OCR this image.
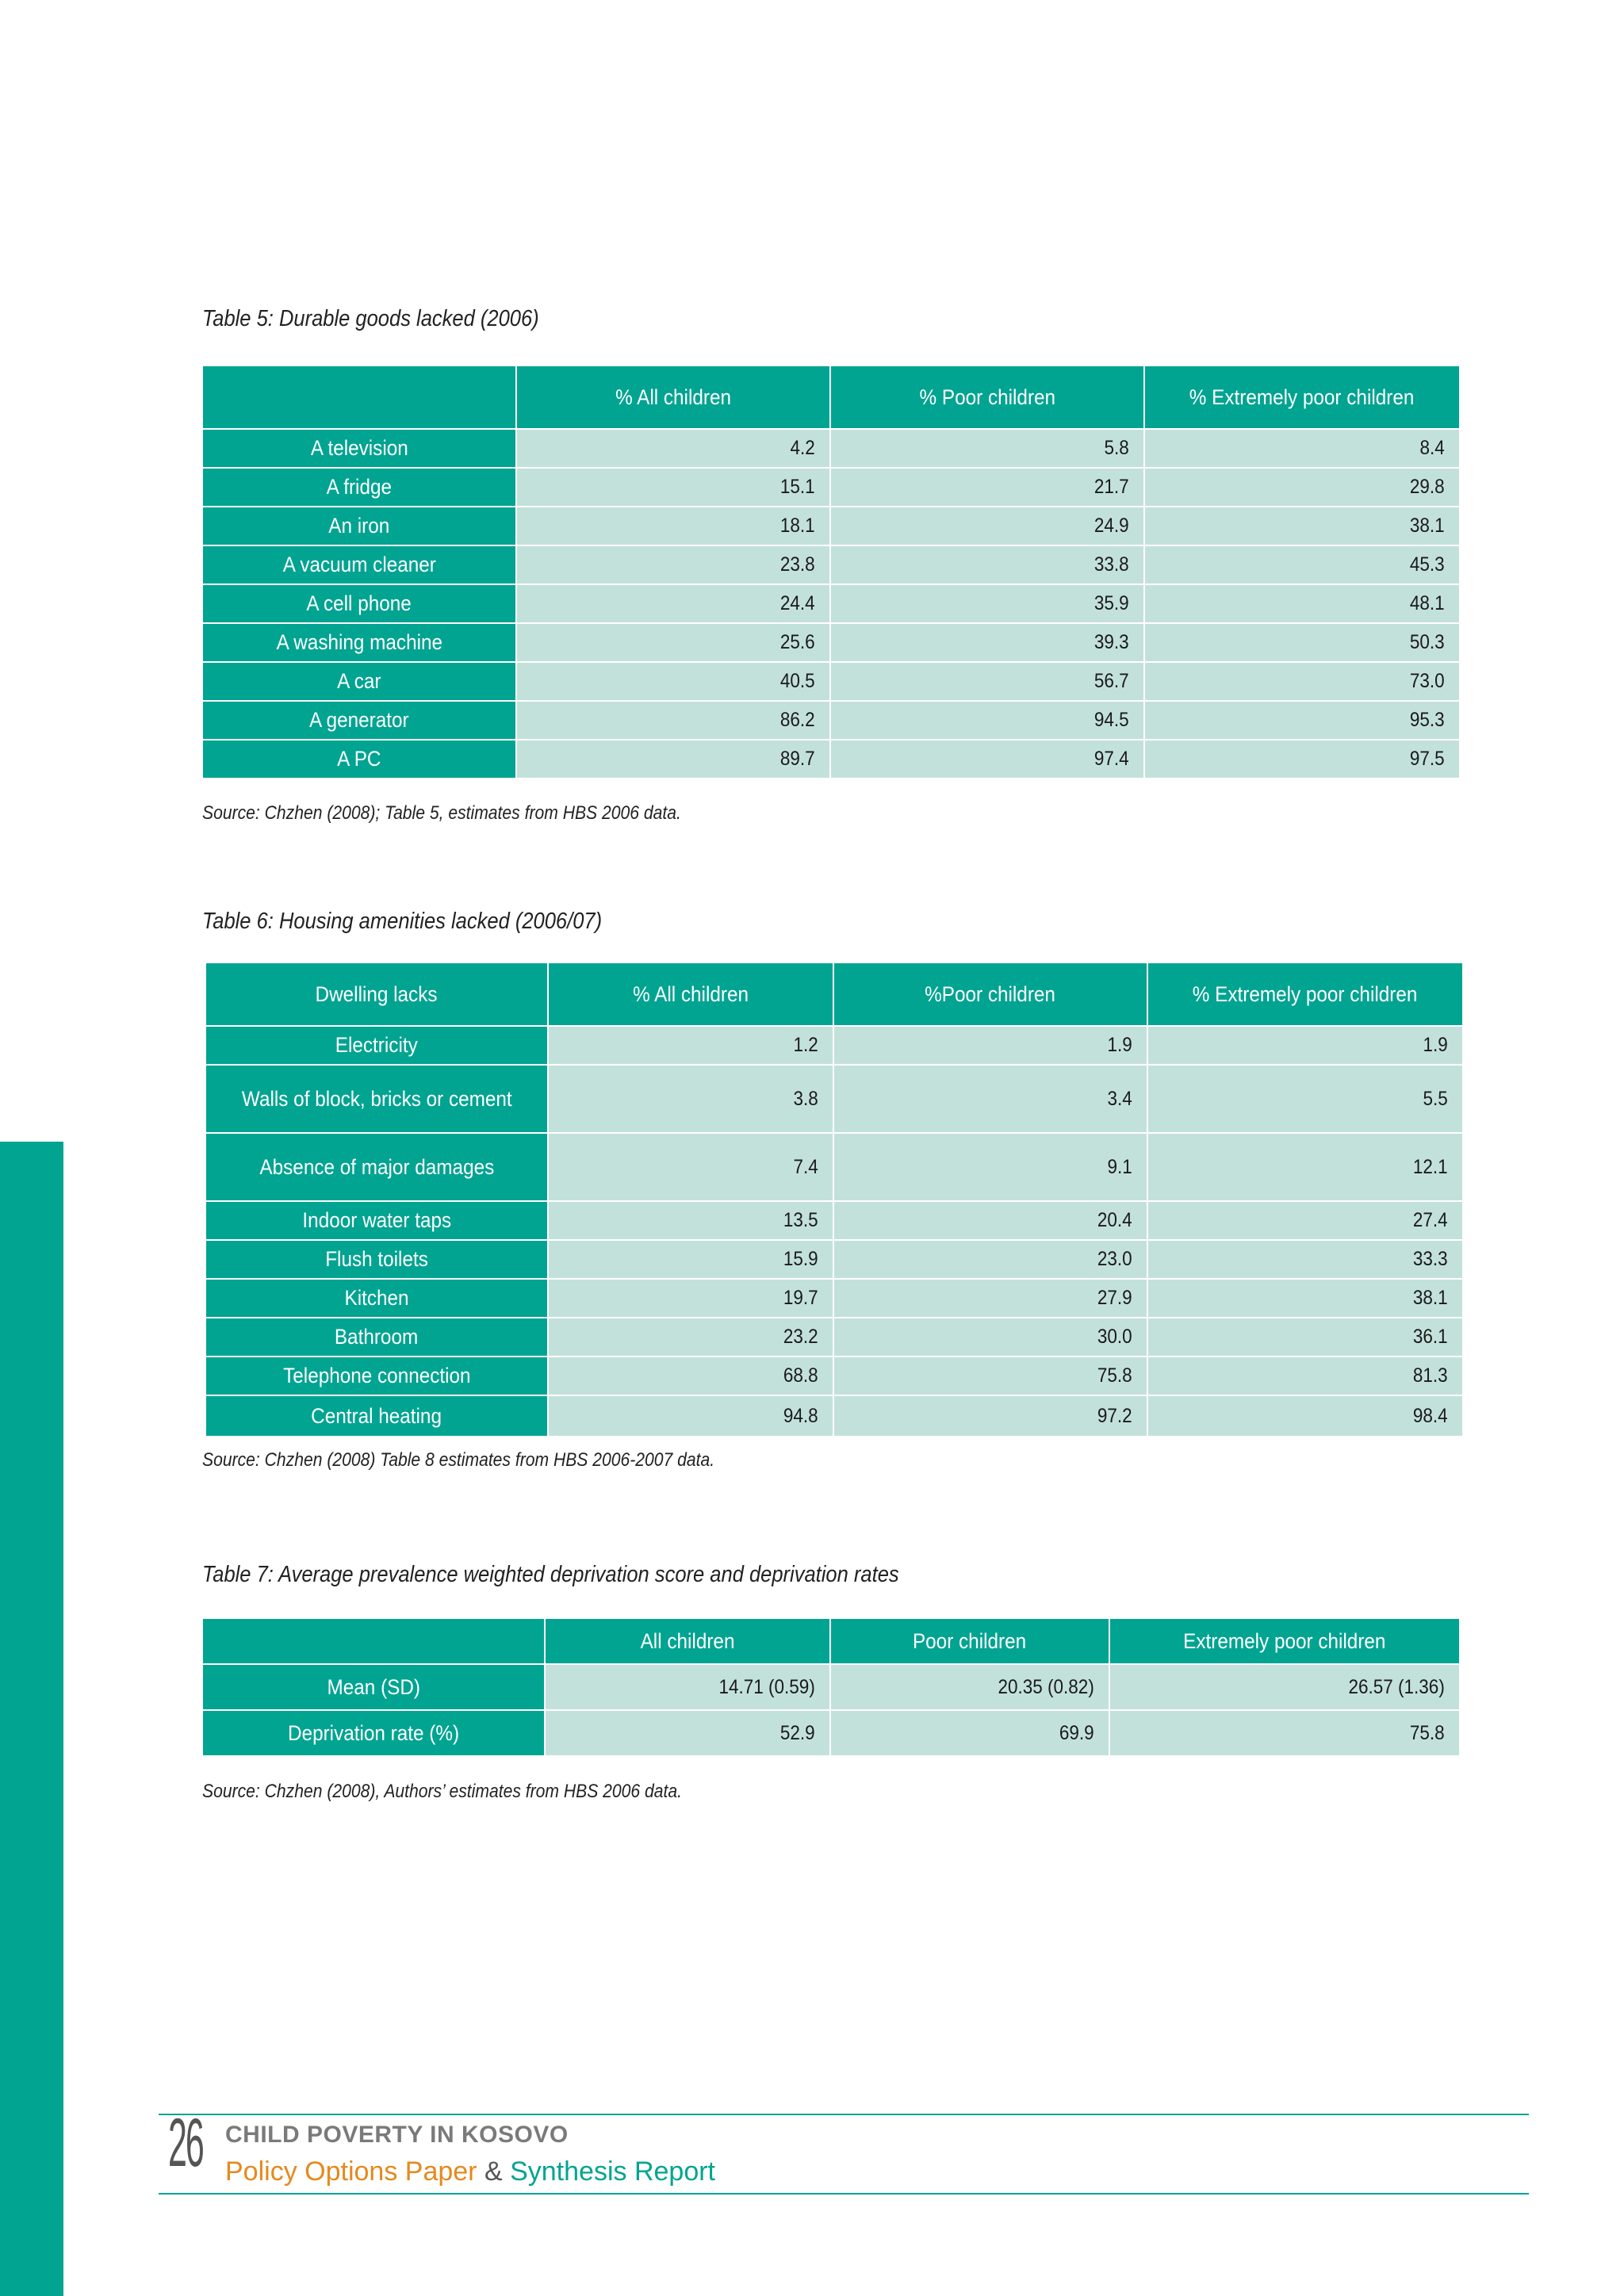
Table 5: Durable goods lacked (2006)
	% All children	% Poor children	% Extremely poor children
A television	4.2	5.8	8.4
A fridge	15.1	21.7	29.8
An iron	18.1	24.9	38.1
A vacuum cleaner	23.8	33.8	45.3
A cell phone	24.4	35.9	48.1
A washing machine	25.6	39.3	50.3
A car	40.5	56.7	73.0
A generator	86.2	94.5	95.3
A PC	89.7	97.4	97.5
Source: Chzhen (2008); Table 5, estimates from HBS 2006 data.
Table 6: Housing amenities lacked (2006/07)
Dwelling lacks	% All children	%Poor children	% Extremely poor children
Electricity	1.2	1.9	1.9
Walls of block, bricks or cement	3.8	3.4	5.5
Absence of major damages	7.4	9.1	12.1
Indoor water taps	13.5	20.4	27.4
Flush toilets	15.9	23.0	33.3
Kitchen	19.7	27.9	38.1
Bathroom	23.2	30.0	36.1
Telephone connection	68.8	75.8	81.3
Central heating	94.8	97.2	98.4
Source: Chzhen (2008) Table 8 estimates from HBS 2006-2007 data.
Table 7: Average prevalence weighted deprivation score and deprivation rates
	All children	Poor children	Extremely poor children
Mean (SD)	14.71 (0.59)	20.35 (0.82)	26.57 (1.36)
Deprivation rate (%)	52.9	69.9	75.8
Source: Chzhen (2008), Authors’ estimates from HBS 2006 data.
26 CHILD POVERTY IN KOSOVO
Policy Options Paper & Synthesis Report
